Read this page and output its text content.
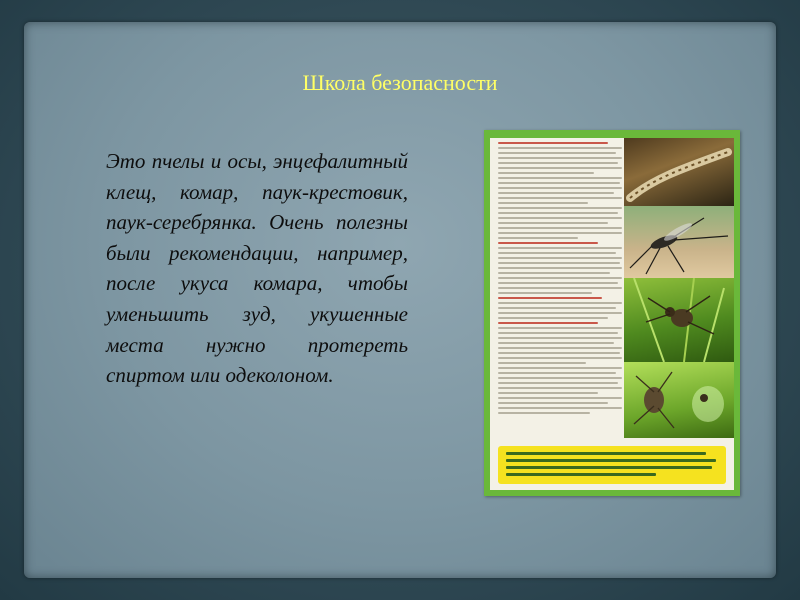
Школа безопасности
Это пчелы и осы, энцефалитный клещ, комар, паук-крестовик, паук-серебрянка. Очень полезны были рекомендации, например, после укуса комара, чтобы уменьшить зуд, укушенные места нужно протереть спиртом или одеколоном.
